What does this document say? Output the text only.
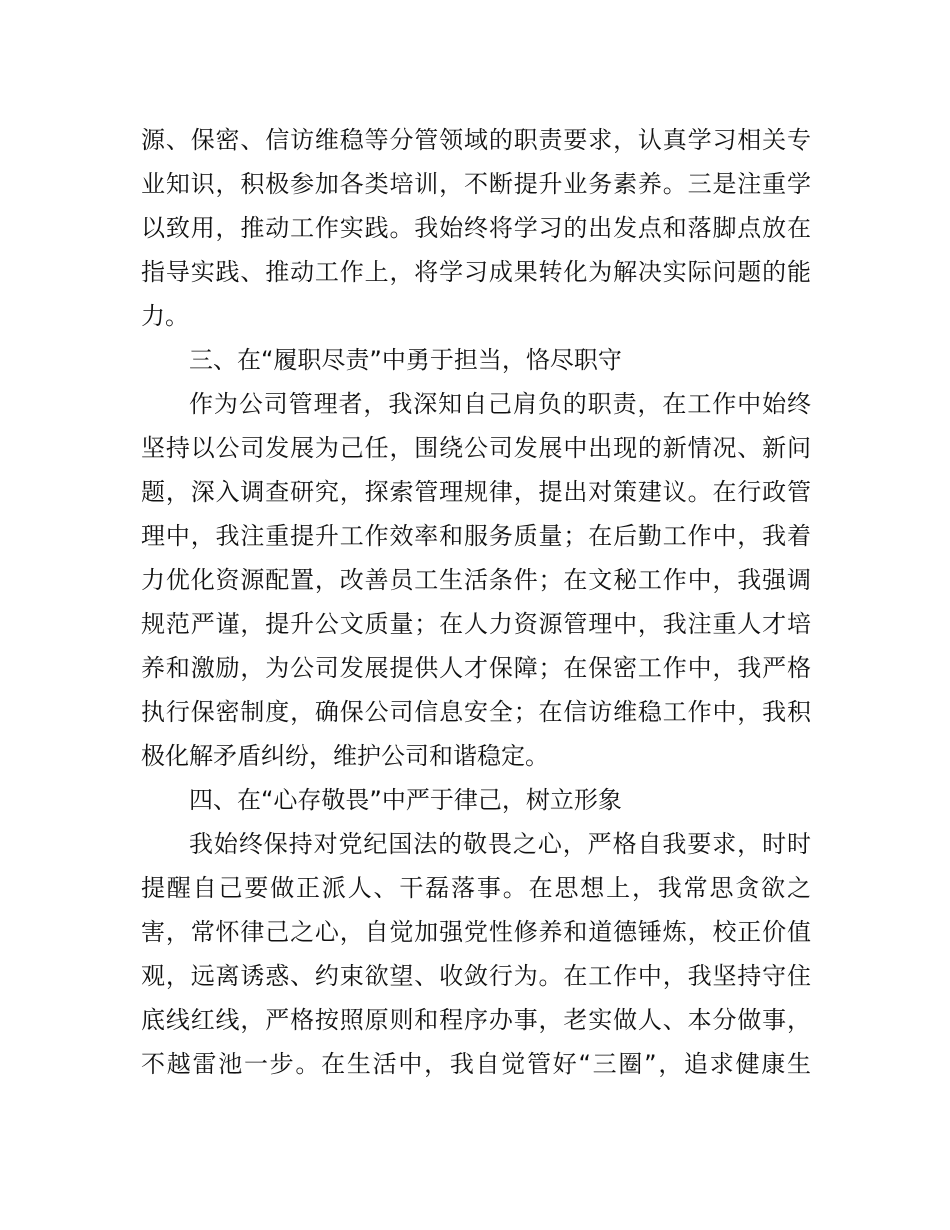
源、保密、信访维稳等分管领域的职责要求，认真学习相关专
业知识，积极参加各类培训，不断提升业务素养。三是注重学
以致用，推动工作实践。我始终将学习的出发点和落脚点放在
指导实践、推动工作上，将学习成果转化为解决实际问题的能
力。
三、在“履职尽责”中勇于担当，恪尽职守
作为公司管理者，我深知自己肩负的职责，在工作中始终
坚持以公司发展为己任，围绕公司发展中出现的新情况、新问
题，深入调查研究，探索管理规律，提出对策建议。在行政管
理中，我注重提升工作效率和服务质量；在后勤工作中，我着
力优化资源配置，改善员工生活条件；在文秘工作中，我强调
规范严谨，提升公文质量；在人力资源管理中，我注重人才培
养和激励，为公司发展提供人才保障；在保密工作中，我严格
执行保密制度，确保公司信息安全；在信访维稳工作中，我积
极化解矛盾纠纷，维护公司和谐稳定。
四、在“心存敬畏”中严于律己，树立形象
我始终保持对党纪国法的敬畏之心，严格自我要求，时时
提醒自己要做正派人、干磊落事。在思想上，我常思贪欲之
害，常怀律己之心，自觉加强党性修养和道德锤炼，校正价值
观，远离诱惑、约束欲望、收敛行为。在工作中，我坚持守住
底线红线，严格按照原则和程序办事，老实做人、本分做事，
不越雷池一步。在生活中，我自觉管好“三圈”，追求健康生
